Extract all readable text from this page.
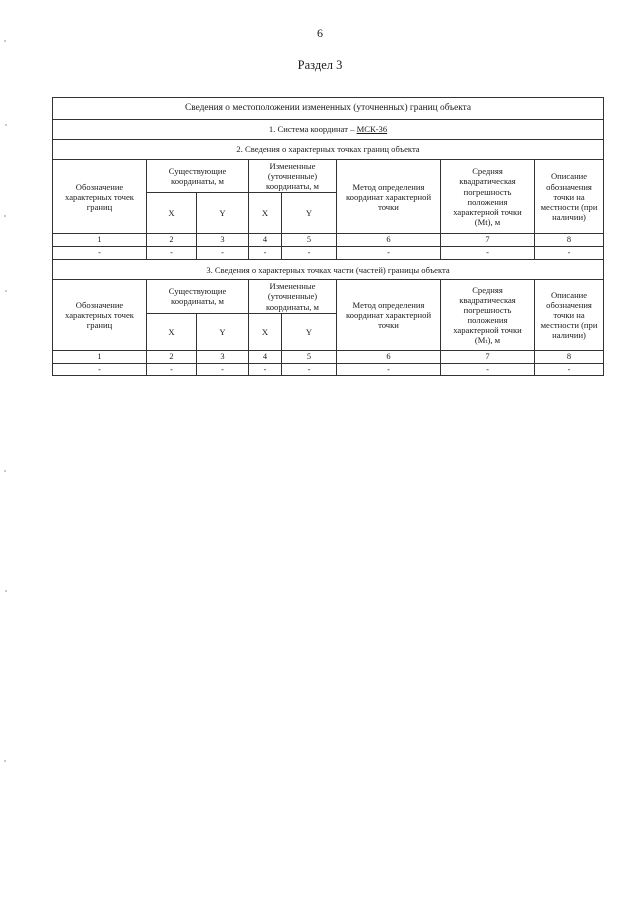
6
Раздел 3
Сведения о местоположении измененных (уточненных) границ объекта							
1. Система координат – МСК-36							
2. Сведения о характерных точках границ объекта							
Обозначение характерных точек границ	Существующие координаты, м		Измененные (уточненные) координаты, м		Метод определения координат характерной точки	Средняя квадратическая погрешность положения характерной точки (Mt), м	Описание обозначения точки на местности (при наличии)
	X	Y	X	Y			
1	2	3	4	5	6	7	8
-	-	-	-	-	-	-	-
3. Сведения о характерных точках части (частей) границы объекта							
Обозначение характерных точек границ	Существующие координаты, м		Измененные (уточненные) координаты, м		Метод определения координат характерной точки	Средняя квадратическая погрешность положения характерной точки (Mₜ), м	Описание обозначения точки на местности (при наличии)
	X	Y	X	Y			
1	2	3	4	5	6	7	8
-	-	-	-	-	-	-	-
